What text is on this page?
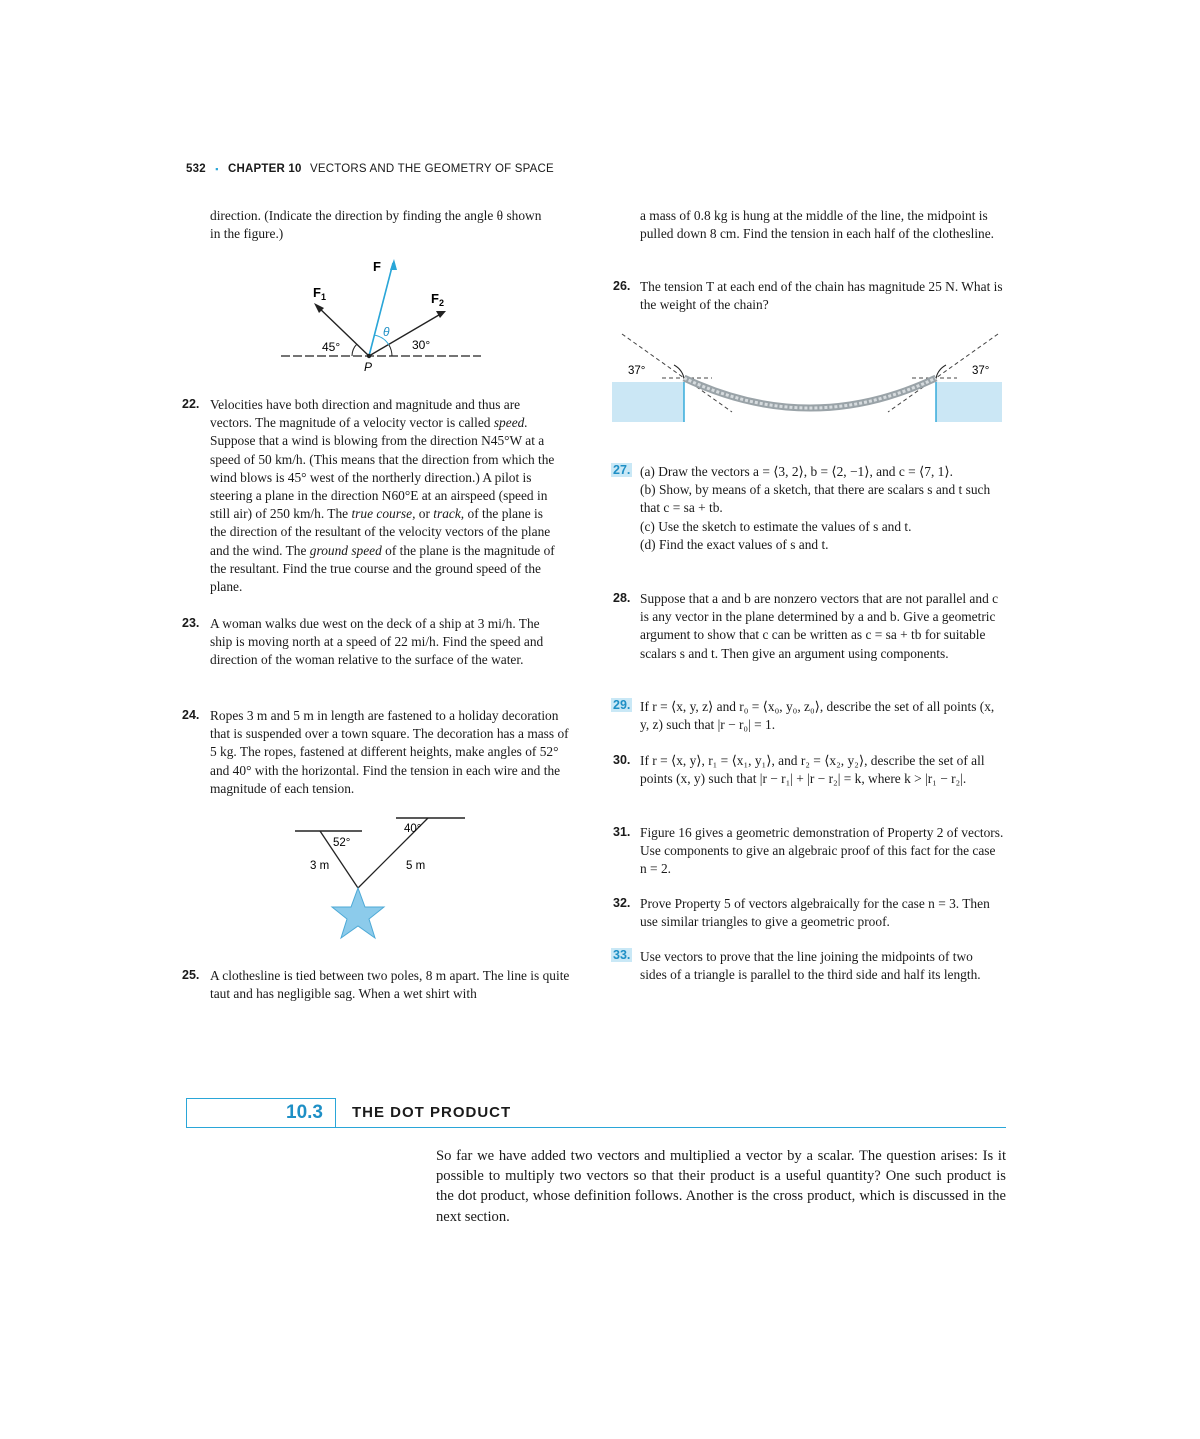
532 ▪ CHAPTER 10 VECTORS AND THE GEOMETRY OF SPACE

direction. (Indicate the direction by finding the angle θ shown in the figure.)

F
$F_1$	$F_2$
θ
45°	30°
P
22. Velocities have both direction and magnitude and thus are vectors. The magnitude of a velocity vector is called speed. Suppose that a wind is blowing from the direction N45°W at a speed of 50 km/h. (This means that the direction from which the wind blows is 45° west of the northerly direction.) A pilot is steering a plane in the direction N60°E at an airspeed (speed in still air) of 250 km/h. The true course, or track, of the plane is the direction of the resultant of the velocity vectors of the plane and the wind. The ground speed of the plane is the magnitude of the resultant. Find the true course and the ground speed of the plane.

23. A woman walks due west on the deck of a ship at 3 mi/h. The ship is moving north at a speed of 22 mi/h. Find the speed and direction of the woman relative to the surface of the water.

24. Ropes 3 m and 5 m in length are fastened to a holiday decoration that is suspended over a town square. The decoration has a mass of 5 kg. The ropes, fastened at different heights, make angles of 52° and 40° with the horizontal. Find the tension in each wire and the magnitude of each tension.

52°
40°
3 m	5 m
25. A clothesline is tied between two poles, 8 m apart. The line is quite taut and has negligible sag. When a wet shirt with

a mass of 0.8 kg is hung at the middle of the line, the midpoint is pulled down 8 cm. Find the tension in each half of the clothesline.

26. The tension T at each end of the chain has magnitude 25 N. What is the weight of the chain?

37°	37°
27. (a) Draw the vectors a = ⟨3, 2⟩, b = ⟨2, −1⟩, and c = ⟨7, 1⟩.
(b) Show, by means of a sketch, that there are scalars s and t such that c = sa + tb.
(c) Use the sketch to estimate the values of s and t.
(d) Find the exact values of s and t.
28. Suppose that a and b are nonzero vectors that are not parallel and c is any vector in the plane determined by a and b. Give a geometric argument to show that c can be written as c = sa + tb for suitable scalars s and t. Then give an argument using components.

29. If r = ⟨x, y, z⟩ and r₀ = ⟨x₀, y₀, z₀⟩, describe the set of all points (x, y, z) such that |r − r₀| = 1.

30. If r = ⟨x, y⟩, r₁ = ⟨x₁, y₁⟩, and r₂ = ⟨x₂, y₂⟩, describe the set of all points (x, y) such that |r − r₁| + |r − r₂| = k, where k > |r₁ − r₂|.

31. Figure 16 gives a geometric demonstration of Property 2 of vectors. Use components to give an algebraic proof of this fact for the case n = 2.

32. Prove Property 5 of vectors algebraically for the case n = 3. Then use similar triangles to give a geometric proof.

33. Use vectors to prove that the line joining the midpoints of two sides of a triangle is parallel to the third side and half its length.

10.3 THE DOT PRODUCT

So far we have added two vectors and multiplied a vector by a scalar. The question arises: Is it possible to multiply two vectors so that their product is a useful quantity? One such product is the dot product, whose definition follows. Another is the cross product, which is discussed in the next section.
